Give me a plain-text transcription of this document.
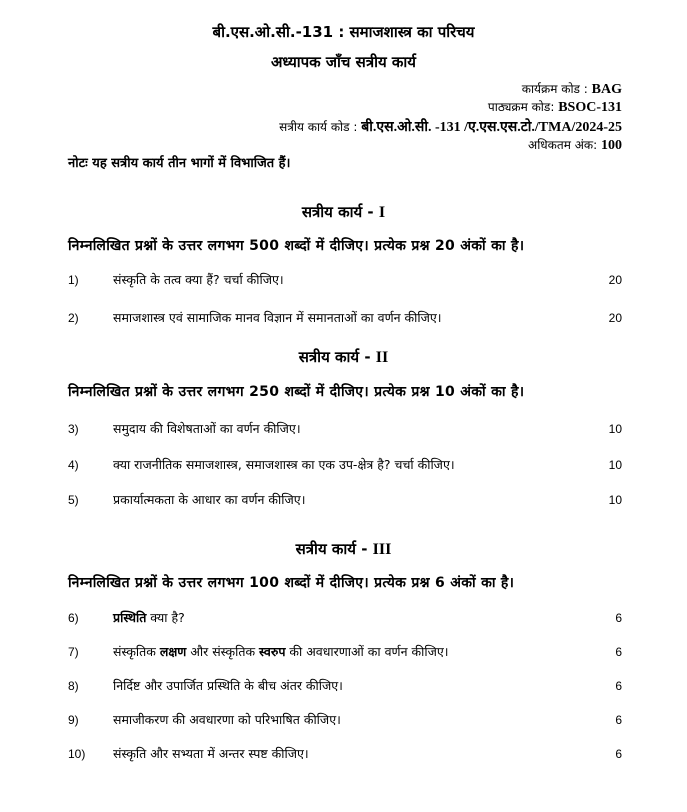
बी.एस.ओ.सी.-131 : समाजशास्त्र का परिचय
अध्यापक जाँच सत्रीय कार्य
कार्यक्रम कोड : BAG
पाठ्यक्रम कोड: BSOC-131
सत्रीय कार्य कोड : बी.एस.ओ.सी. -131 /ए.एस.एस.टो./TMA/2024-25
अधिकतम अंक: 100
नोटः यह सत्रीय कार्य तीन भागों में विभाजित हैं।
सत्रीय कार्य - I
निम्नलिखित प्रश्नों के उत्तर लगभग 500 शब्दों में दीजिए। प्रत्येक प्रश्न 20 अंकों का है।
1)	संस्कृति के तत्व क्या हैं? चर्चा कीजिए।	20
2)	समाजशास्त्र एवं सामाजिक मानव विज्ञान में समानताओं का वर्णन कीजिए।	20
सत्रीय कार्य - II
निम्नलिखित प्रश्नों के उत्तर लगभग 250 शब्दों में दीजिए। प्रत्येक प्रश्न 10 अंकों का है।
3)	समुदाय की विशेषताओं का वर्णन कीजिए।	10
4)	क्या राजनीतिक समाजशास्त्र, समाजशास्त्र का एक उप-क्षेत्र है? चर्चा कीजिए।	10
5)	प्रकार्यात्मकता के आधार का वर्णन कीजिए।	10
सत्रीय कार्य - III
निम्नलिखित प्रश्नों के उत्तर लगभग 100 शब्दों में दीजिए। प्रत्येक प्रश्न 6 अंकों का है।
6)	प्रस्थिति क्या है?	6
7)	संस्कृतिक लक्षण और संस्कृतिक स्वरुप की अवधारणाओं का वर्णन कीजिए।	6
8)	निर्दिष्ट और उपार्जित प्रस्थिति के बीच अंतर कीजिए।	6
9)	समाजीकरण की अवधारणा को परिभाषित कीजिए।	6
10) संस्कृति और सभ्यता में अन्तर स्पष्ट कीजिए।	6
